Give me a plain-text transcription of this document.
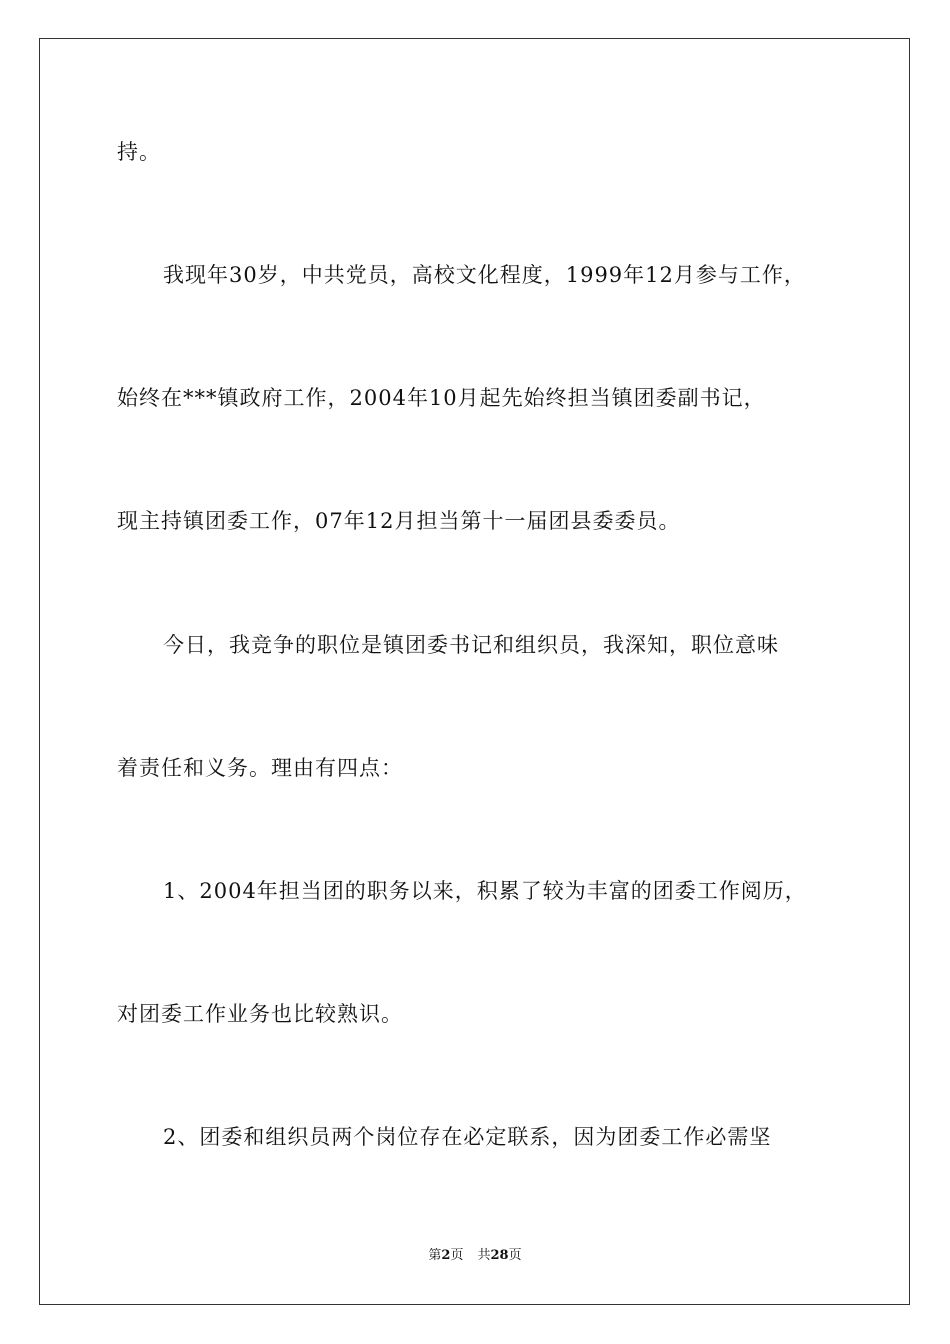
持。
我现年30岁，中共党员，高校文化程度，1999年12月参与工作，
始终在***镇政府工作，2004年10月起先始终担当镇团委副书记，
现主持镇团委工作，07年12月担当第十一届团县委委员。
今日，我竞争的职位是镇团委书记和组织员，我深知，职位意味
着责任和义务。理由有四点：
1、2004年担当团的职务以来，积累了较为丰富的团委工作阅历，
对团委工作业务也比较熟识。
2、团委和组织员两个岗位存在必定联系，因为团委工作必需坚
第2页 共28页
